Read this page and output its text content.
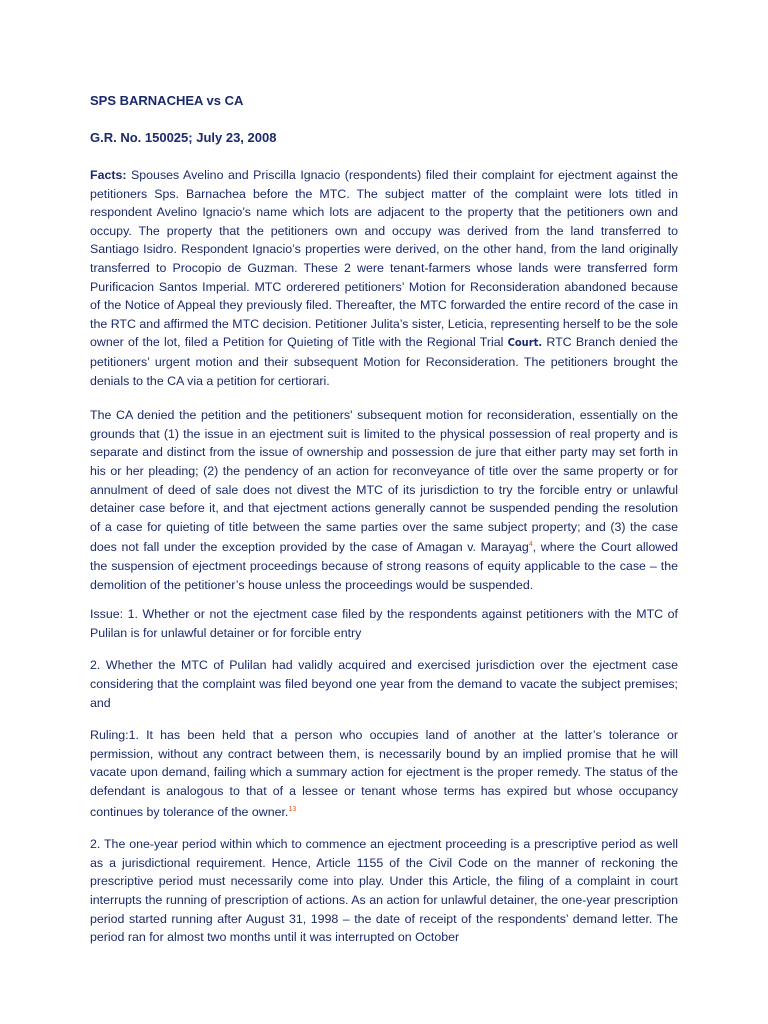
SPS BARNACHEA vs CA

G.R. No. 150025; July 23, 2008

Facts: Spouses Avelino and Priscilla Ignacio (respondents) filed their complaint for ejectment against the petitioners Sps. Barnachea before the MTC. The subject matter of the complaint were lots titled in respondent Avelino Ignacio’s name which lots are adjacent to the property that the petitioners own and occupy. The property that the petitioners own and occupy was derived from the land transferred to Santiago Isidro. Respondent Ignacio’s properties were derived, on the other hand, from the land originally transferred to Procopio de Guzman. These 2 were tenant-farmers whose lands were transferred form Purificacion Santos Imperial. MTC orderered petitioners’ Motion for Reconsideration abandoned because of the Notice of Appeal they previously filed. Thereafter, the MTC forwarded the entire record of the case in the RTC and affirmed the MTC decision. Petitioner Julita’s sister, Leticia, representing herself to be the sole owner of the lot, filed a Petition for Quieting of Title with the Regional Trial Court. RTC Branch denied the petitioners’ urgent motion and their subsequent Motion for Reconsideration. The petitioners brought the denials to the CA via a petition for certiorari.

The CA denied the petition and the petitioners' subsequent motion for reconsideration, essentially on the grounds that (1) the issue in an ejectment suit is limited to the physical possession of real property and is separate and distinct from the issue of ownership and possession de jure that either party may set forth in his or her pleading; (2) the pendency of an action for reconveyance of title over the same property or for annulment of deed of sale does not divest the MTC of its jurisdiction to try the forcible entry or unlawful detainer case before it, and that ejectment actions generally cannot be suspended pending the resolution of a case for quieting of title between the same parties over the same subject property; and (3) the case does not fall under the exception provided by the case of Amagan v. Marayag$^4$, where the Court allowed the suspension of ejectment proceedings because of strong reasons of equity applicable to the case – the demolition of the petitioner’s house unless the proceedings would be suspended.

Issue: 1. Whether or not the ejectment case filed by the respondents against petitioners with the MTC of Pulilan is for unlawful detainer or for forcible entry

2. Whether the MTC of Pulilan had validly acquired and exercised jurisdiction over the ejectment case considering that the complaint was filed beyond one year from the demand to vacate the subject premises; and

Ruling:1. It has been held that a person who occupies land of another at the latter’s tolerance or permission, without any contract between them, is necessarily bound by an implied promise that he will vacate upon demand, failing which a summary action for ejectment is the proper remedy. The status of the defendant is analogous to that of a lessee or tenant whose terms has expired but whose occupancy continues by tolerance of the owner.$^{13}$

2. The one-year period within which to commence an ejectment proceeding is a prescriptive period as well as a jurisdictional requirement. Hence, Article 1155 of the Civil Code on the manner of reckoning the prescriptive period must necessarily come into play. Under this Article, the filing of a complaint in court interrupts the running of prescription of actions. As an action for unlawful detainer, the one-year prescription period started running after August 31, 1998 – the date of receipt of the respondents’ demand letter. The period ran for almost two months until it was interrupted on October
